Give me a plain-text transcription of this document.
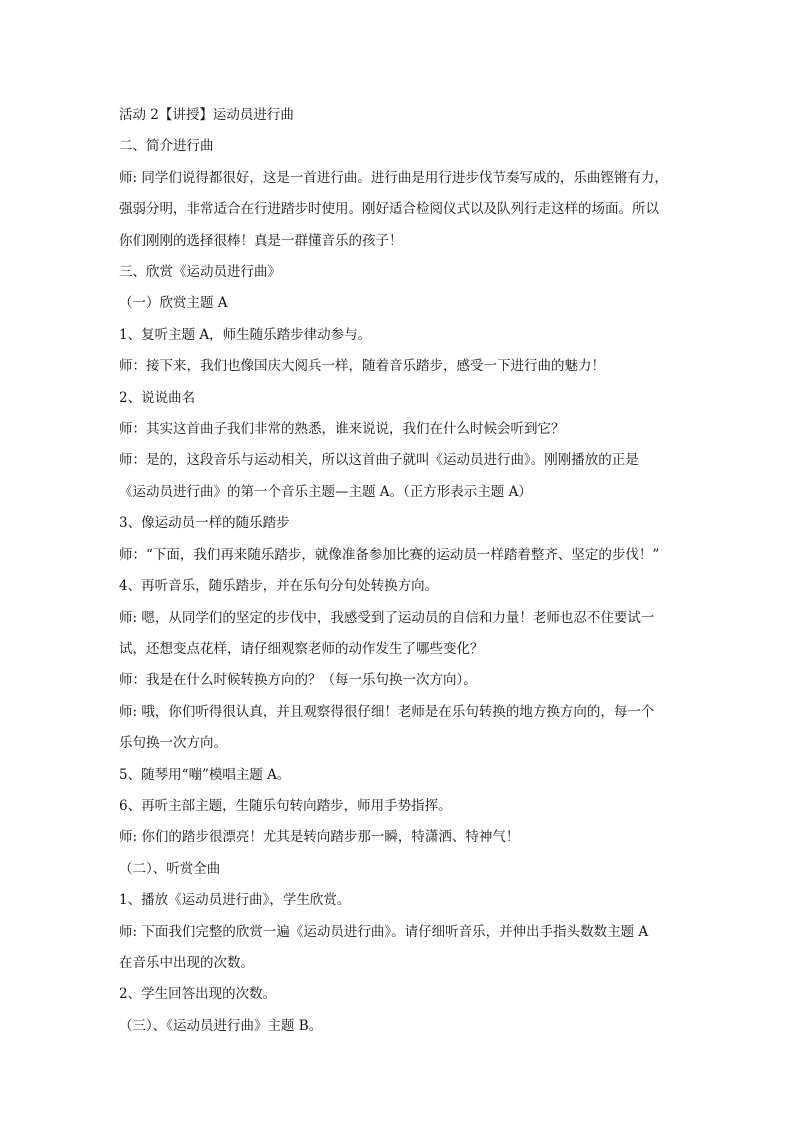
活动 2【讲授】运动员进行曲

二、简介进行曲

师: 同学们说得都很好，这是一首进行曲。进行曲是用行进步伐节奏写成的，乐曲铿锵有力，

强弱分明，非常适合在行进踏步时使用。刚好适合检阅仪式以及队列行走这样的场面。所以

你们刚刚的选择很棒！真是一群懂音乐的孩子！

三、欣赏《运动员进行曲》

（一）欣赏主题 A

1、复听主题 A，师生随乐踏步律动参与。

师：接下来，我们也像国庆大阅兵一样，随着音乐踏步，感受一下进行曲的魅力！

2、说说曲名

师：其实这首曲子我们非常的熟悉，谁来说说，我们在什么时候会听到它？

师：是的，这段音乐与运动相关，所以这首曲子就叫《运动员进行曲》。刚刚播放的正是

《运动员进行曲》的第一个音乐主题—主题 A。（正方形表示主题 A）

3、像运动员一样的随乐踏步

师：“下面，我们再来随乐踏步，就像准备参加比赛的运动员一样踏着整齐、坚定的步伐！”

4、再听音乐，随乐踏步，并在乐句分句处转换方向。

师: 嗯，从同学们的坚定的步伐中，我感受到了运动员的自信和力量！老师也忍不住要试一

试，还想变点花样，请仔细观察老师的动作发生了哪些变化？

师：我是在什么时候转换方向的？（每一乐句换一次方向）。

师: 哦，你们听得很认真，并且观察得很仔细！老师是在乐句转换的地方换方向的，每一个

乐句换一次方向。

5、随琴用“嘣”模唱主题 A。

6、再听主部主题，生随乐句转向踏步，师用手势指挥。

师: 你们的踏步很漂亮！尤其是转向踏步那一瞬，特潇洒、特神气！

（二）、听赏全曲

1、播放《运动员进行曲》，学生欣赏。

师: 下面我们完整的欣赏一遍《运动员进行曲》。请仔细听音乐，并伸出手指头数数主题 A

在音乐中出现的次数。

2、学生回答出现的次数。

（三）、《运动员进行曲》主题 B。
